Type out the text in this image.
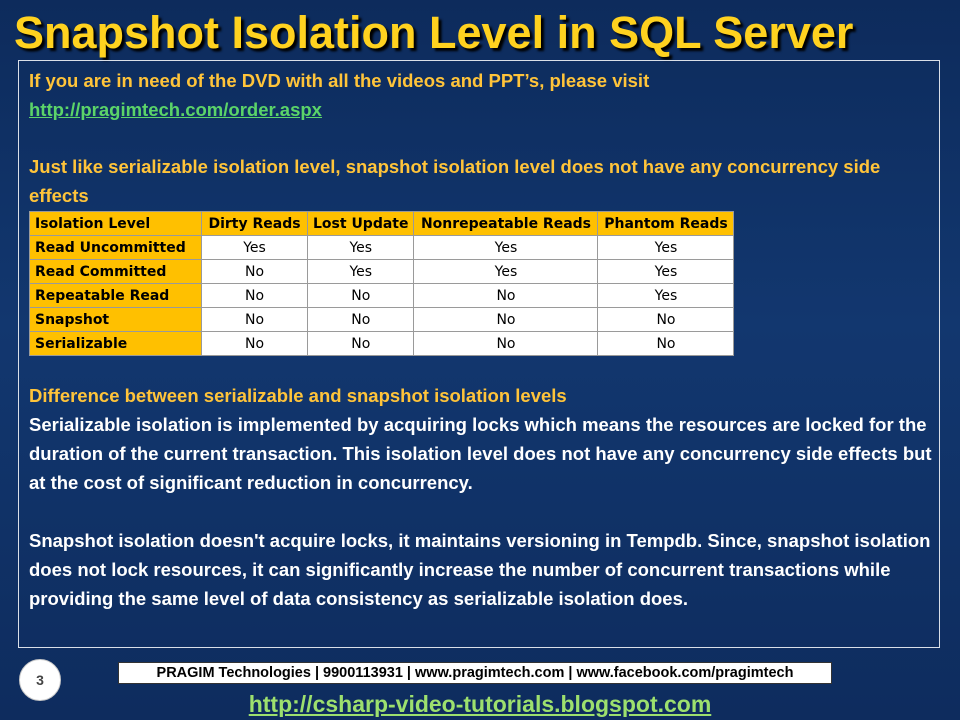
Snapshot Isolation Level in SQL Server

If you are in need of the DVD with all the videos and PPT’s, please visit
http://pragimtech.com/order.aspx

Just like serializable isolation level, snapshot isolation level does not have any concurrency side effects

Isolation Level	Dirty Reads	Lost Update	Nonrepeatable Reads	Phantom Reads
Read Uncommitted	Yes	Yes	Yes	Yes
Read Committed	No	Yes	Yes	Yes
Repeatable Read	No	No	No	Yes
Snapshot	No	No	No	No
Serializable	No	No	No	No

Difference between serializable and snapshot isolation levels

Serializable isolation is implemented by acquiring locks which means the resources are locked for the duration of the current transaction. This isolation level does not have any concurrency side effects but at the cost of significant reduction in concurrency.

Snapshot isolation doesn't acquire locks, it maintains versioning in Tempdb. Since, snapshot isolation does not lock resources, it can significantly increase the number of concurrent transactions while providing the same level of data consistency as serializable isolation does.

3	PRAGIM Technologies | 9900113931 | www.pragimtech.com | www.facebook.com/pragimtech
http://csharp-video-tutorials.blogspot.com
